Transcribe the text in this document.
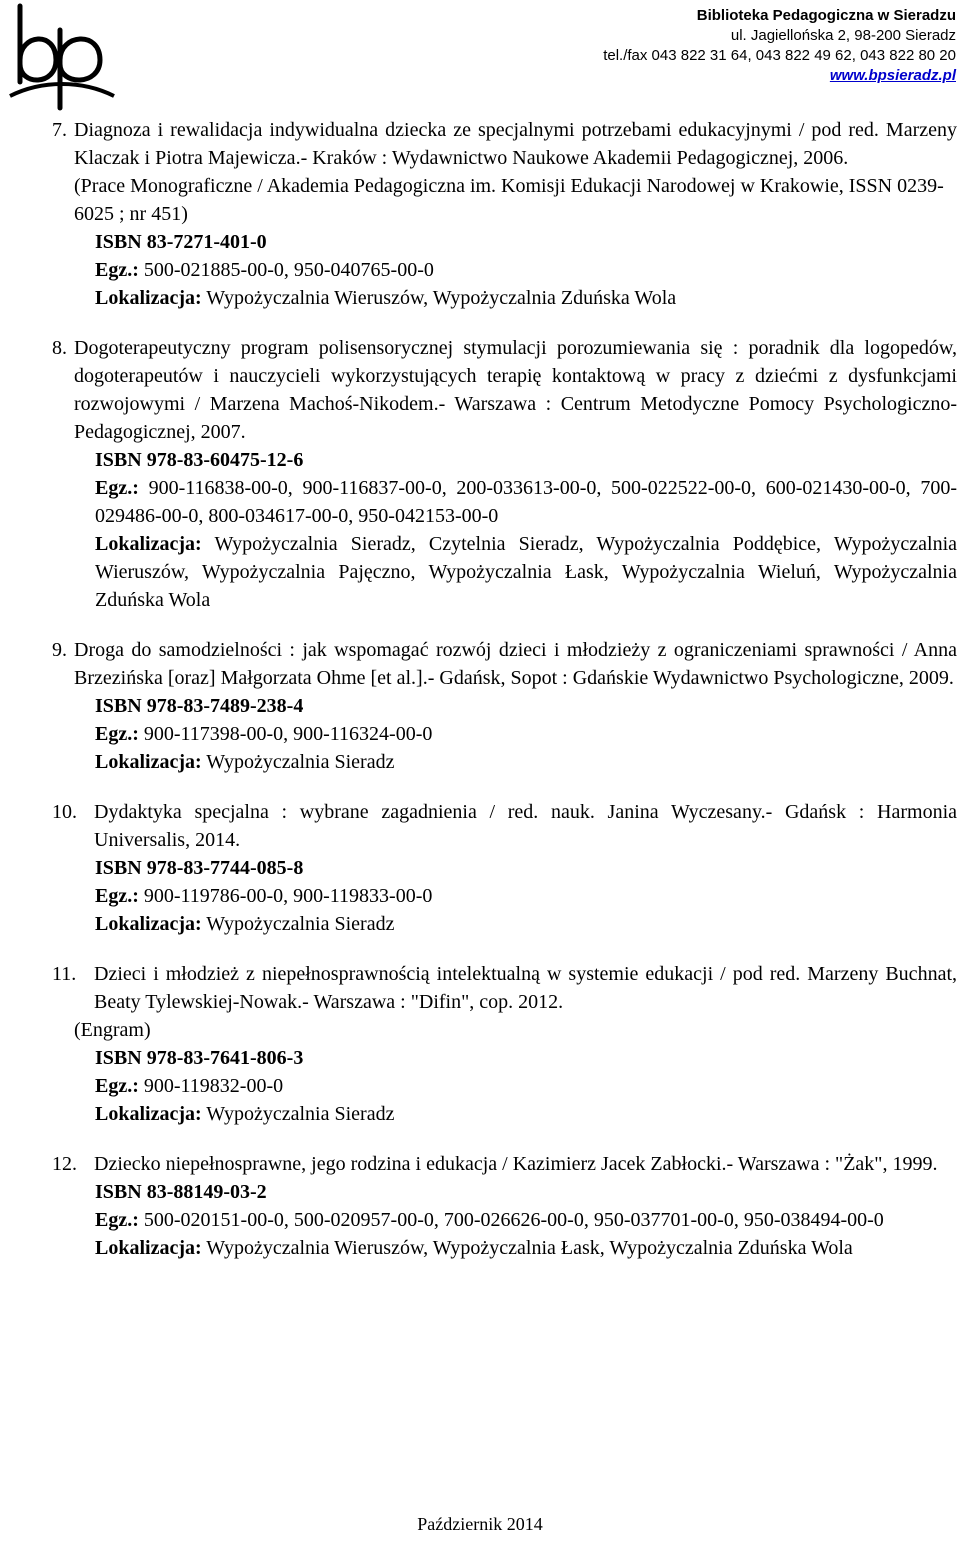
Biblioteka Pedagogiczna w Sieradzu
ul. Jagiellońska 2, 98-200 Sieradz
tel./fax 043 822 31 64, 043 822 49 62, 043 822 80 20
www.bpsieradz.pl
7. Diagnoza i rewalidacja indywidualna dziecka ze specjalnymi potrzebami edukacyjnymi / pod red. Marzeny Klaczak i Piotra Majewicza.- Kraków : Wydawnictwo Naukowe Akademii Pedagogicznej, 2006.
(Prace Monograficzne / Akademia Pedagogiczna im. Komisji Edukacji Narodowej w Krakowie, ISSN 0239-6025 ; nr 451)
ISBN 83-7271-401-0
Egz.: 500-021885-00-0, 950-040765-00-0
Lokalizacja: Wypożyczalnia Wieruszów, Wypożyczalnia Zduńska Wola
8. Dogoterapeutyczny program polisensorycznej stymulacji porozumiewania się : poradnik dla logopedów, dogoterapeutów i nauczycieli wykorzystujących terapię kontaktową w pracy z dziećmi z dysfunkcjami rozwojowymi / Marzena Machoś-Nikodem.- Warszawa : Centrum Metodyczne Pomocy Psychologiczno-Pedagogicznej, 2007.
ISBN 978-83-60475-12-6
Egz.: 900-116838-00-0, 900-116837-00-0, 200-033613-00-0, 500-022522-00-0, 600-021430-00-0, 700-029486-00-0, 800-034617-00-0, 950-042153-00-0
Lokalizacja: Wypożyczalnia Sieradz, Czytelnia Sieradz, Wypożyczalnia Poddębice, Wypożyczalnia Wieruszów, Wypożyczalnia Pajęczno, Wypożyczalnia Łask, Wypożyczalnia Wieluń, Wypożyczalnia Zduńska Wola
9. Droga do samodzielności : jak wspomagać rozwój dzieci i młodzieży z ograniczeniami sprawności / Anna Brzezińska [oraz] Małgorzata Ohme [et al.].- Gdańsk, Sopot : Gdańskie Wydawnictwo Psychologiczne, 2009.
ISBN 978-83-7489-238-4
Egz.: 900-117398-00-0, 900-116324-00-0
Lokalizacja: Wypożyczalnia Sieradz
10. Dydaktyka specjalna : wybrane zagadnienia / red. nauk. Janina Wyczesany.- Gdańsk : Harmonia Universalis, 2014.
ISBN 978-83-7744-085-8
Egz.: 900-119786-00-0, 900-119833-00-0
Lokalizacja: Wypożyczalnia Sieradz
11. Dzieci i młodzież z niepełnosprawnością intelektualną w systemie edukacji / pod red. Marzeny Buchnat, Beaty Tylewskiej-Nowak.- Warszawa : "Difin", cop. 2012.
(Engram)
ISBN 978-83-7641-806-3
Egz.: 900-119832-00-0
Lokalizacja: Wypożyczalnia Sieradz
12. Dziecko niepełnosprawne, jego rodzina i edukacja / Kazimierz Jacek Zabłocki.- Warszawa : "Żak", 1999.
ISBN 83-88149-03-2
Egz.: 500-020151-00-0, 500-020957-00-0, 700-026626-00-0, 950-037701-00-0, 950-038494-00-0
Lokalizacja: Wypożyczalnia Wieruszów, Wypożyczalnia Łask, Wypożyczalnia Zduńska Wola
Październik 2014
